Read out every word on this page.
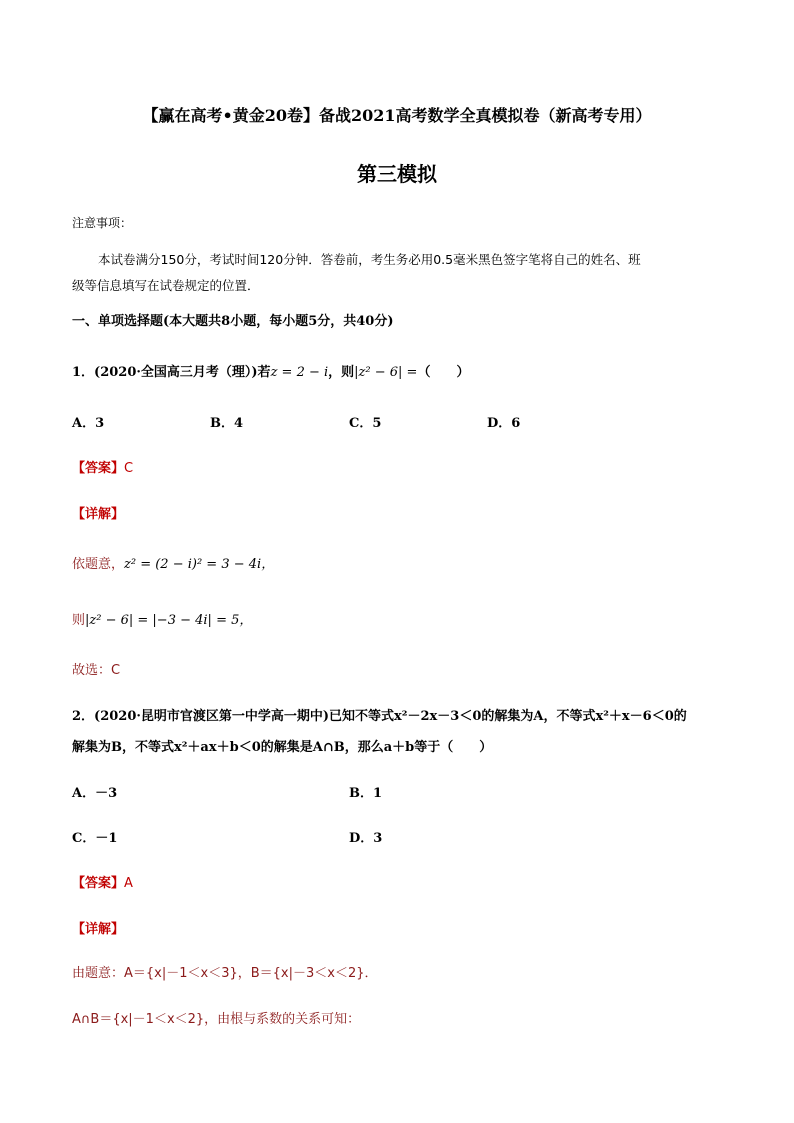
【赢在高考•黄金20卷】备战2021高考数学全真模拟卷（新高考专用）
第三模拟
注意事项：
本试卷满分150分，考试时间120分钟．答卷前，考生务必用0.5毫米黑色签字笔将自己的姓名、班
级等信息填写在试卷规定的位置．
一、单项选择题(本大题共8小题，每小题5分，共40分)
1．(2020·全国高三月考（理）)若z = 2 − i，则|z² − 6| =（　　）
A．3	B．4	C．5	D．6
【答案】C
【详解】
依题意，z² = (2 − i)² = 3 − 4i，
则|z² − 6| = |−3 − 4i| = 5，
故选：C
2．(2020·昆明市官渡区第一中学高一期中)已知不等式x²－2x－3＜0的解集为A，不等式x²＋x－6＜0的
解集为B，不等式x²＋ax＋b＜0的解集是A∩B，那么a＋b等于（　　）
A．－3	B．1
C．－1	D．3
【答案】A
【详解】
由题意：A＝{x|－1＜x＜3}，B＝{x|－3＜x＜2}．
A∩B＝{x|－1＜x＜2}，由根与系数的关系可知：
